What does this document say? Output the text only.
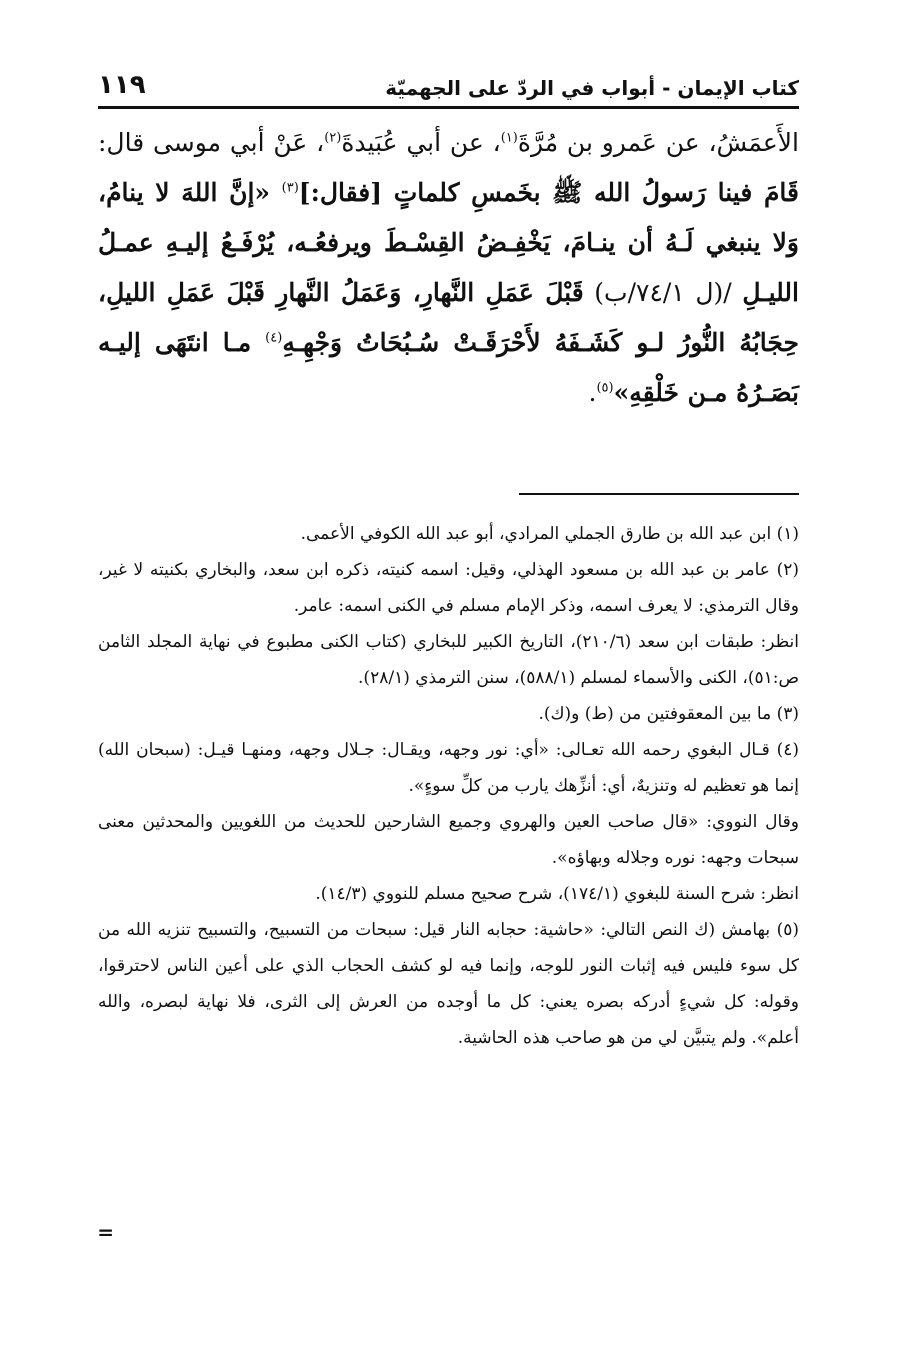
كتاب الإيمان - أبواب في الردّ على الجهميّة
١١٩

الأَعمَشُ، عن عَمرو بن مُرَّةَ$^{(١)}$، عن أبي عُبَيدةَ$^{(٢)}$، عَنْ أبي موسى قال: قَامَ فينا رَسولُ الله ﷺ بخَمسِ كلماتٍ [فقال:]$^{(٣)}$ «إنَّ اللهَ لا ينامُ، وَلا ينبغي لَـهُ أن ينـامَ، يَخْفِـضُ القِسْـطَ ويرفعُـه، يُرْفَـعُ إليـهِ عمـلُ الليـلِ /(ل ٧٤/١/ب) قَبْلَ عَمَلِ النَّهارِ، وَعَمَلُ النَّهارِ قَبْلَ عَمَلِ الليلِ، حِجَابُهُ النُّورُ لـو كَشَـفَهُ لأَحْرَقَـتْ سُـبُحَاتُ وَجْهِـهِ$^{(٤)}$ مـا انتَهَى إليـه بَصَـرُهُ مـن خَلْقِهِ»$^{(٥)}$.

(١) ابن عبد الله بن طارق الجملي المرادي، أبو عبد الله الكوفي الأعمى.

(٢) عامر بن عبد الله بن مسعود الهذلي، وقيل: اسمه كنيته، ذكره ابن سعد، والبخاري بكنيته لا غير، وقال الترمذي: لا يعرف اسمه، وذكر الإمام مسلم في الكنى اسمه: عامر.

انظر: طبقات ابن سعد (٢١٠/٦)، التاريخ الكبير للبخاري (كتاب الكنى مطبوع في نهاية المجلد الثامن ص:٥١)، الكنى والأسماء لمسلم (٥٨٨/١)، سنن الترمذي (٢٨/١).

(٣) ما بين المعقوفتين من (ط) و(ك).

(٤) قـال البغوي رحمه الله تعـالى: «أي: نور وجهه، ويقـال: جـلال وجهه، ومنهـا قيـل: (سبحان الله) إنما هو تعظيم له وتنزيهٌ، أي: أنزِّهك يارب من كلِّ سوءٍ».

وقال النووي: «قال صاحب العين والهروي وجميع الشارحين للحديث من اللغويين والمحدثين معنى سبحات وجهه: نوره وجلاله وبهاؤه».

انظر: شرح السنة للبغوي (١٧٤/١)، شرح صحيح مسلم للنووي (١٤/٣).

(٥) بهامش (ك النص التالي: «حاشية: حجابه النار قيل: سبحات من التسبيح، والتسبيح تنزيه الله من كل سوء فليس فيه إثبات النور للوجه، وإنما فيه لو كشف الحجاب الذي على أعين الناس لاحترقوا، وقوله: كل شيءٍ أدركه بصره يعني: كل ما أوجده من العرش إلى الثرى، فلا نهاية لبصره، والله أعلم». ولم يتبيَّن لي من هو صاحب هذه الحاشية.

=
